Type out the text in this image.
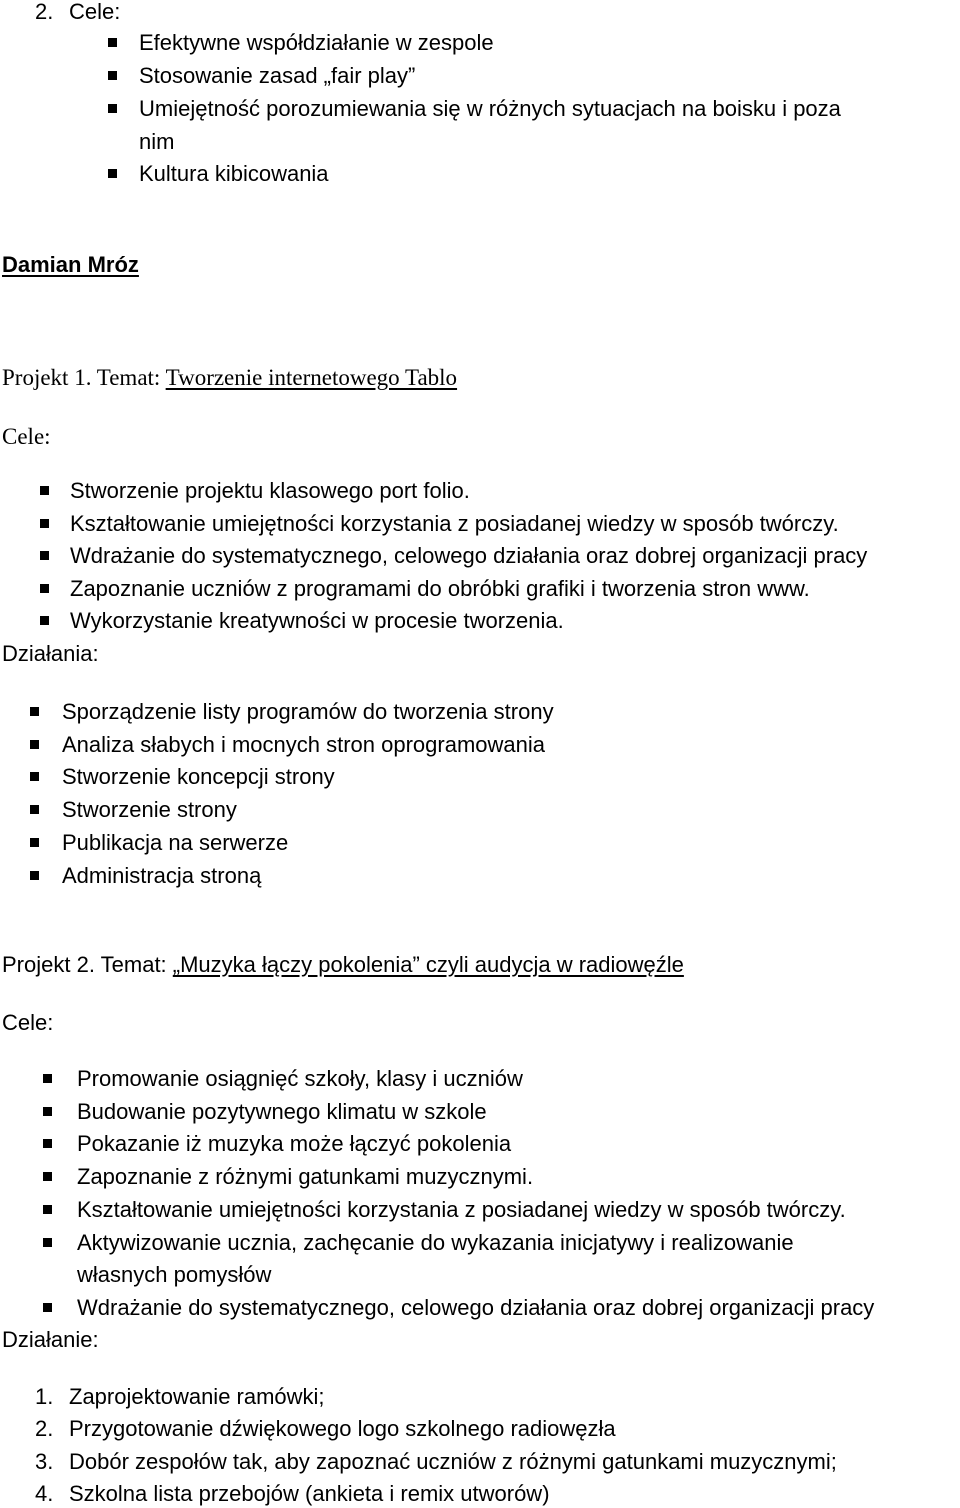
2. Cele:
Efektywne współdziałanie w zespole
Stosowanie zasad „fair play”
Umiejętność porozumiewania się w różnych sytuacjach na boisku i poza
nim
Kultura kibicowania
Damian Mróz
Projekt 1. Temat: Tworzenie internetowego Tablo
Cele:
Stworzenie projektu klasowego port folio.
Kształtowanie umiejętności korzystania z posiadanej wiedzy w sposób twórczy.
Wdrażanie do systematycznego, celowego działania oraz dobrej organizacji pracy
Zapoznanie uczniów z programami do obróbki grafiki i tworzenia stron www.
Wykorzystanie kreatywności w procesie tworzenia.
Działania:
Sporządzenie listy programów do tworzenia strony
Analiza słabych i mocnych stron oprogramowania
Stworzenie koncepcji strony
Stworzenie strony
Publikacja na serwerze
Administracja stroną
Projekt 2. Temat: „Muzyka łączy pokolenia” czyli audycja w radiowęźle
Cele:
Promowanie osiągnięć szkoły, klasy i uczniów
Budowanie pozytywnego klimatu w szkole
Pokazanie iż muzyka może łączyć pokolenia
Zapoznanie z różnymi gatunkami muzycznymi.
Kształtowanie umiejętności korzystania z posiadanej wiedzy w sposób twórczy.
Aktywizowanie ucznia, zachęcanie do wykazania inicjatywy i realizowanie
własnych pomysłów
Wdrażanie do systematycznego, celowego działania oraz dobrej organizacji pracy
Działanie:
1. Zaprojektowanie ramówki;
2. Przygotowanie dźwiękowego logo szkolnego radiowęzła
3. Dobór zespołów tak, aby zapoznać uczniów z różnymi gatunkami muzycznymi;
4. Szkolna lista przebojów (ankieta i remix utworów)
